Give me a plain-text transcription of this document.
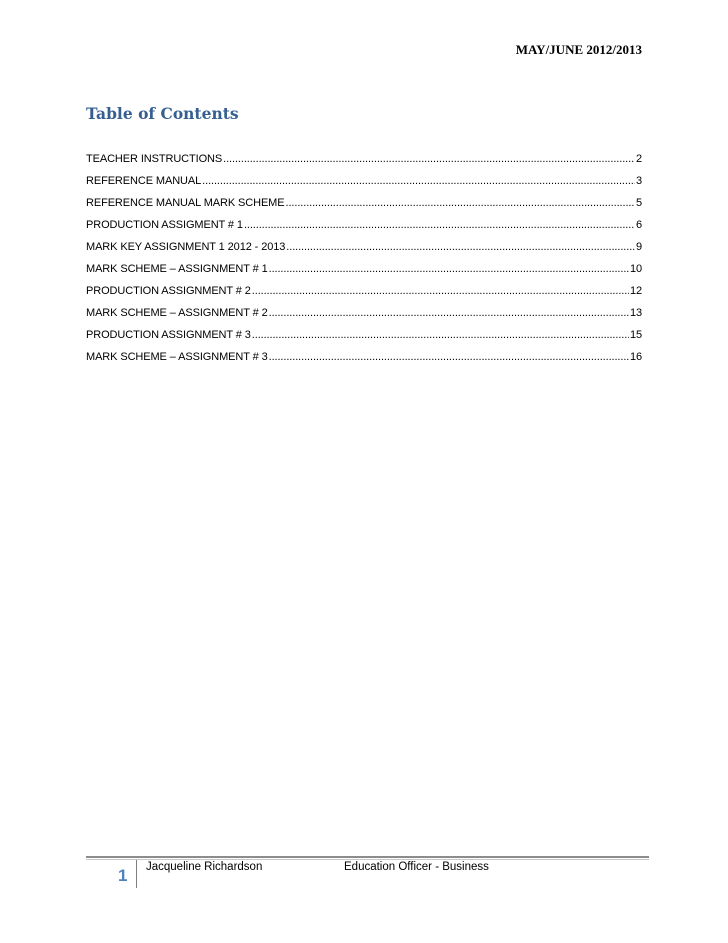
MAY/JUNE 2012/2013
Table of Contents
TEACHER INSTRUCTIONS .....	2
REFERENCE MANUAL .....	3
REFERENCE MANUAL MARK SCHEME .....	5
PRODUCTION ASSIGMENT # 1 .....	6
MARK KEY ASSIGNMENT 1 2012 - 2013 .....	9
MARK SCHEME – ASSIGNMENT # 1 .....	10
PRODUCTION ASSIGNMENT # 2 .....	12
MARK SCHEME – ASSIGNMENT # 2 .....	13
PRODUCTION ASSIGNMENT # 3 .....	15
MARK SCHEME – ASSIGNMENT # 3 .....	16
1 Jacqueline Richardson	Education Officer - Business
